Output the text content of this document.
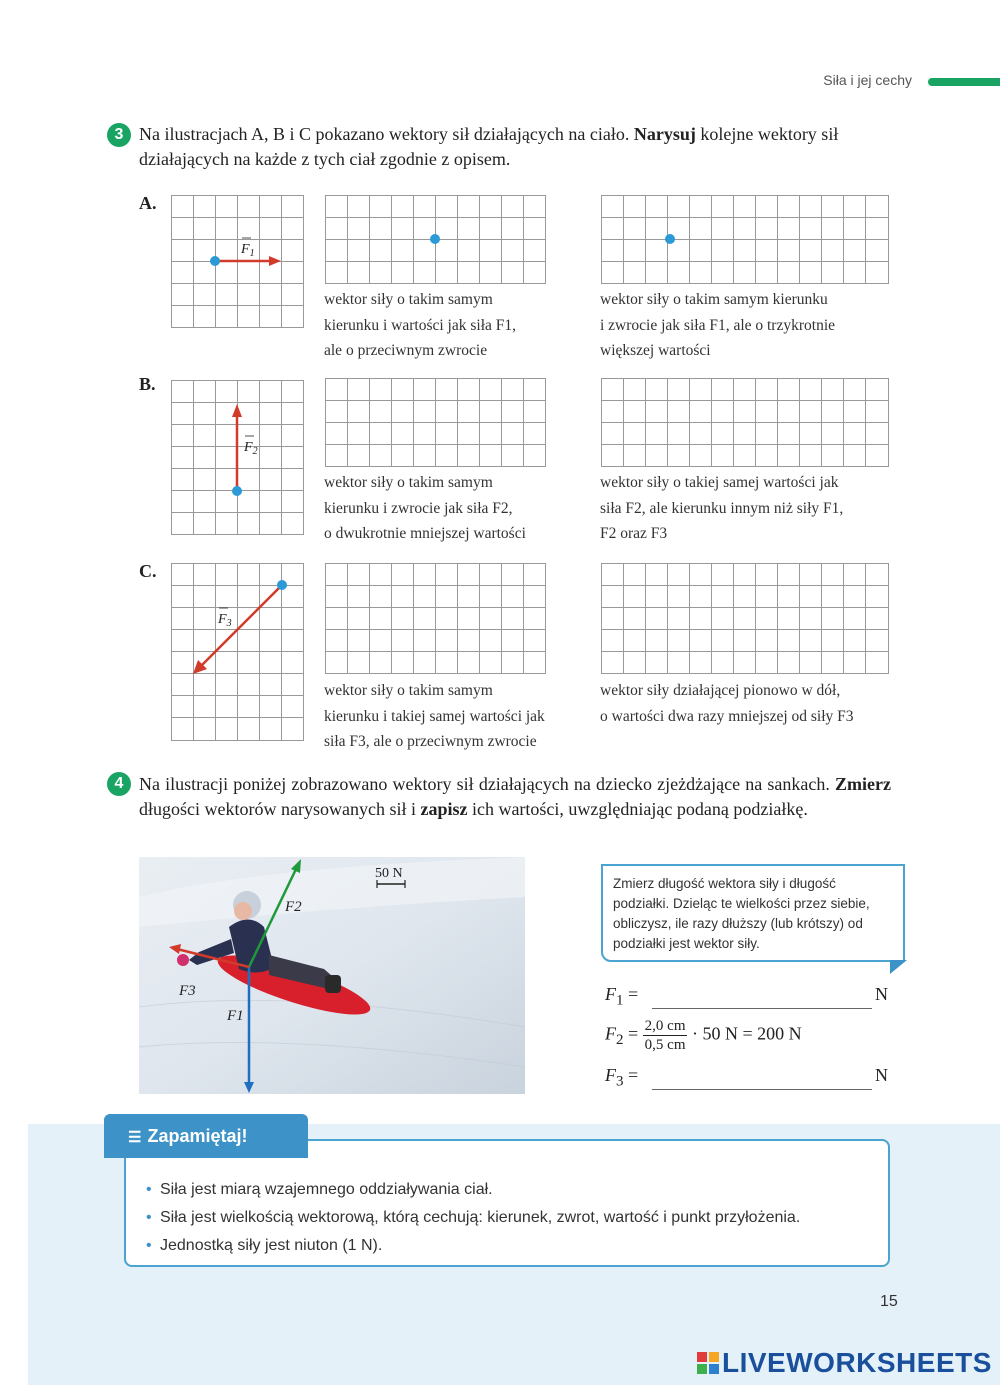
Siła i jej cechy
3 Na ilustracjach A, B i C pokazano wektory sił działających na ciało. Narysuj kolejne wektory sił działających na każde z tych ciał zgodnie z opisem.
A.
B.
C.
$F_1$
wektor siły o takim samym
kierunku i wartości jak siła F1,
ale o przeciwnym zwrocie
wektor siły o takim samym kierunku
i zwrocie jak siła F1, ale o trzykrotnie
większej wartości
$F_2$
wektor siły o takim samym
kierunku i zwrocie jak siła F2,
o dwukrotnie mniejszej wartości
wektor siły o takiej samej wartości jak
siła F2, ale kierunku innym niż siły F1,
F2 oraz F3
$F_3$
wektor siły o takim samym
kierunku i takiej samej wartości jak
siła F3, ale o przeciwnym zwrocie
wektor siły działającej pionowo w dół,
o wartości dwa razy mniejszej od siły F3
4 Na ilustracji poniżej zobrazowano wektory sił działających na dziecko zjeżdżające na sankach. Zmierz długości wektorów narysowanych sił i zapisz ich wartości, uwzględniając podaną podziałkę.
50 N
F2
F3
F1
Zmierz długość wektora siły i długość podziałki. Dzieląc te wielkości przez siebie, obliczysz, ile razy dłuższy (lub krótszy) od podziałki jest wektor siły.
$F_1$ =	N
$F_2 = \frac{2,0 cm}{0,5 cm} \cdot 50$ N = 200 N
$F_3$ =	N
☰ Zapamiętaj!
• Siła jest miarą wzajemnego oddziaływania ciał.
• Siła jest wielkością wektorową, którą cechują: kierunek, zwrot, wartość i punkt przyłożenia.
• Jednostką siły jest niuton (1 N).
15
LIVEWORKSHEETS
